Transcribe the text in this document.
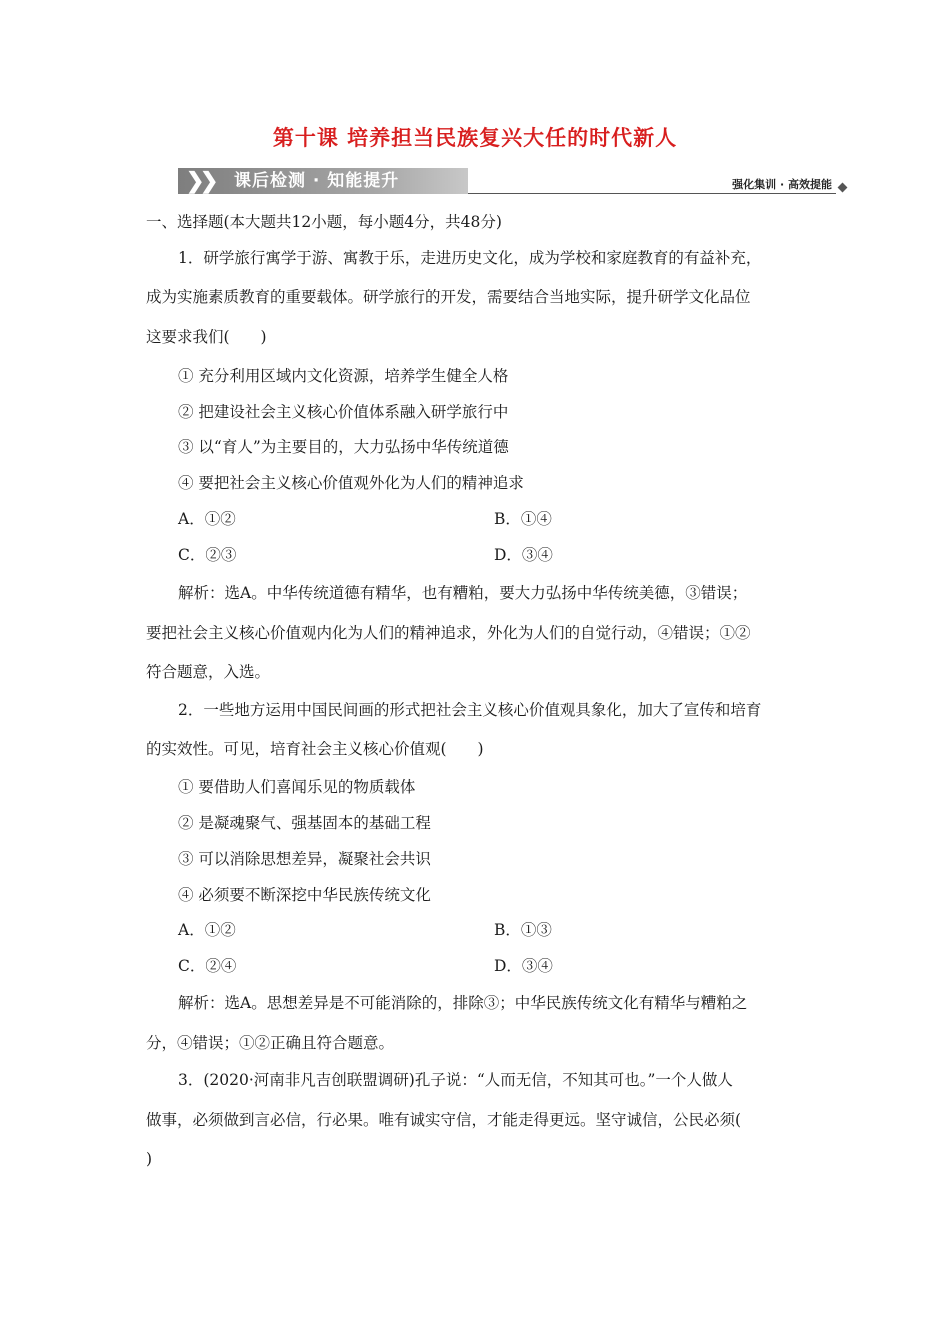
第十课 培养担当民族复兴大任的时代新人
❯
❯ 课后检测 · 知能提升	强化集训 · 高效提能
一、选择题(本大题共12小题，每小题4分，共48分)
1．研学旅行寓学于游、寓教于乐，走进历史文化，成为学校和家庭教育的有益补充，
成为实施素质教育的重要载体。研学旅行的开发，需要结合当地实际，提升研学文化品位
这要求我们(　　)
① 充分利用区域内文化资源，培养学生健全人格
② 把建设社会主义核心价值体系融入研学旅行中
③ 以“育人”为主要目的，大力弘扬中华传统道德
④ 要把社会主义核心价值观外化为人们的精神追求
A．①②	B．①④
C．②③	D．③④
解析：选A。中华传统道德有精华，也有糟粕，要大力弘扬中华传统美德，③错误；
要把社会主义核心价值观内化为人们的精神追求，外化为人们的自觉行动，④错误；①②
符合题意，入选。
2．一些地方运用中国民间画的形式把社会主义核心价值观具象化，加大了宣传和培育
的实效性。可见，培育社会主义核心价值观(　　)
① 要借助人们喜闻乐见的物质载体
② 是凝魂聚气、强基固本的基础工程
③ 可以消除思想差异，凝聚社会共识
④ 必须要不断深挖中华民族传统文化
A．①②	B．①③
C．②④	D．③④
解析：选A。思想差异是不可能消除的，排除③；中华民族传统文化有精华与糟粕之
分，④错误；①②正确且符合题意。
3．(2020·河南非凡吉创联盟调研)孔子说：“人而无信，不知其可也。”一个人做人
做事，必须做到言必信，行必果。唯有诚实守信，才能走得更远。坚守诚信，公民必须(
)
